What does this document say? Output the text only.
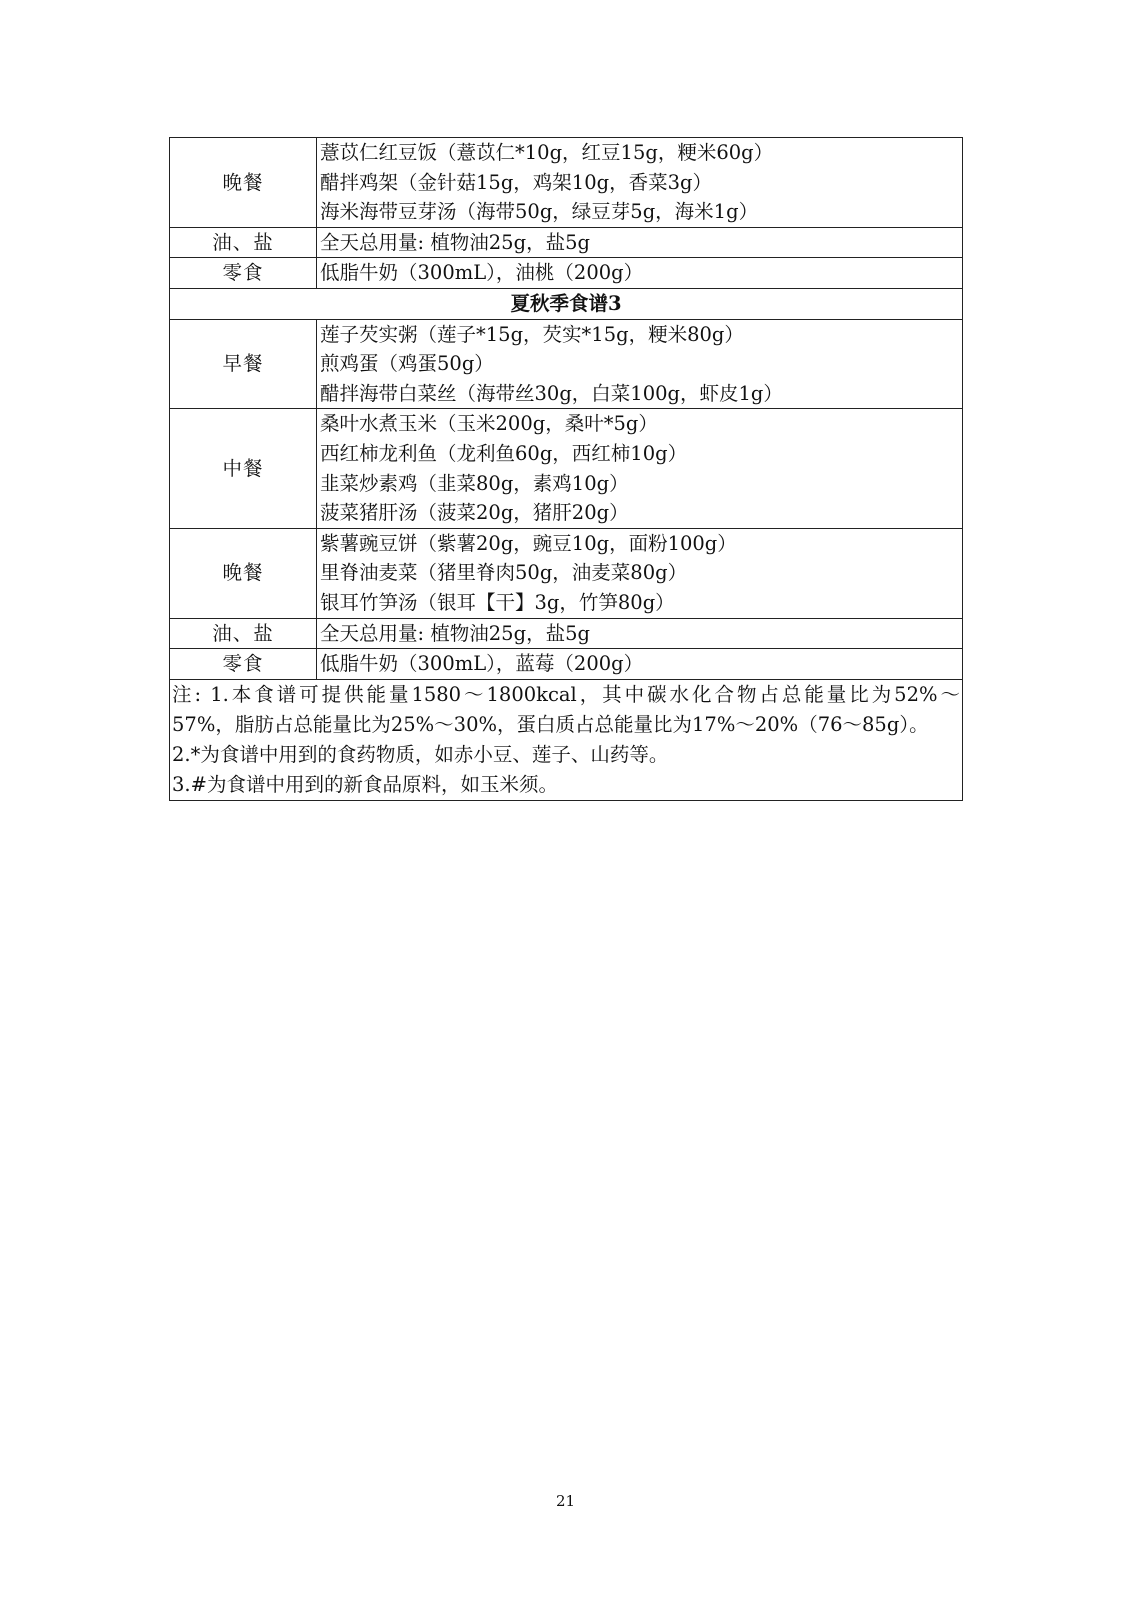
晚餐	薏苡仁红豆饭（薏苡仁*10g，红豆15g，粳米60g）
醋拌鸡架（金针菇15g，鸡架10g，香菜3g）
海米海带豆芽汤（海带50g，绿豆芽5g，海米1g）

油、盐	全天总用量: 植物油25g，盐5g

零食	低脂牛奶（300mL），油桃（200g）

夏秋季食谱3	
早餐	莲子芡实粥（莲子*15g，芡实*15g，粳米80g）
煎鸡蛋（鸡蛋50g）
醋拌海带白菜丝（海带丝30g，白菜100g，虾皮1g）

中餐	桑叶水煮玉米（玉米200g，桑叶*5g）
西红柿龙利鱼（龙利鱼60g，西红柿10g）
韭菜炒素鸡（韭菜80g，素鸡10g）
菠菜猪肝汤（菠菜20g，猪肝20g）

晚餐	紫薯豌豆饼（紫薯20g，豌豆10g，面粉100g）
里脊油麦菜（猪里脊肉50g，油麦菜80g）
银耳竹笋汤（银耳【干】3g，竹笋80g）

油、盐	全天总用量: 植物油25g，盐5g

零食	低脂牛奶（300mL），蓝莓（200g）

注: 1.本食谱可提供能量1580～1800kcal，其中碳水化合物占总能量比为52%～
57%，脂肪占总能量比为25%～30%，蛋白质占总能量比为17%～20%（76～85g）。
2.*为食谱中用到的食药物质，如赤小豆、莲子、山药等。
3.#为食谱中用到的新食品原料，如玉米须。	
21
